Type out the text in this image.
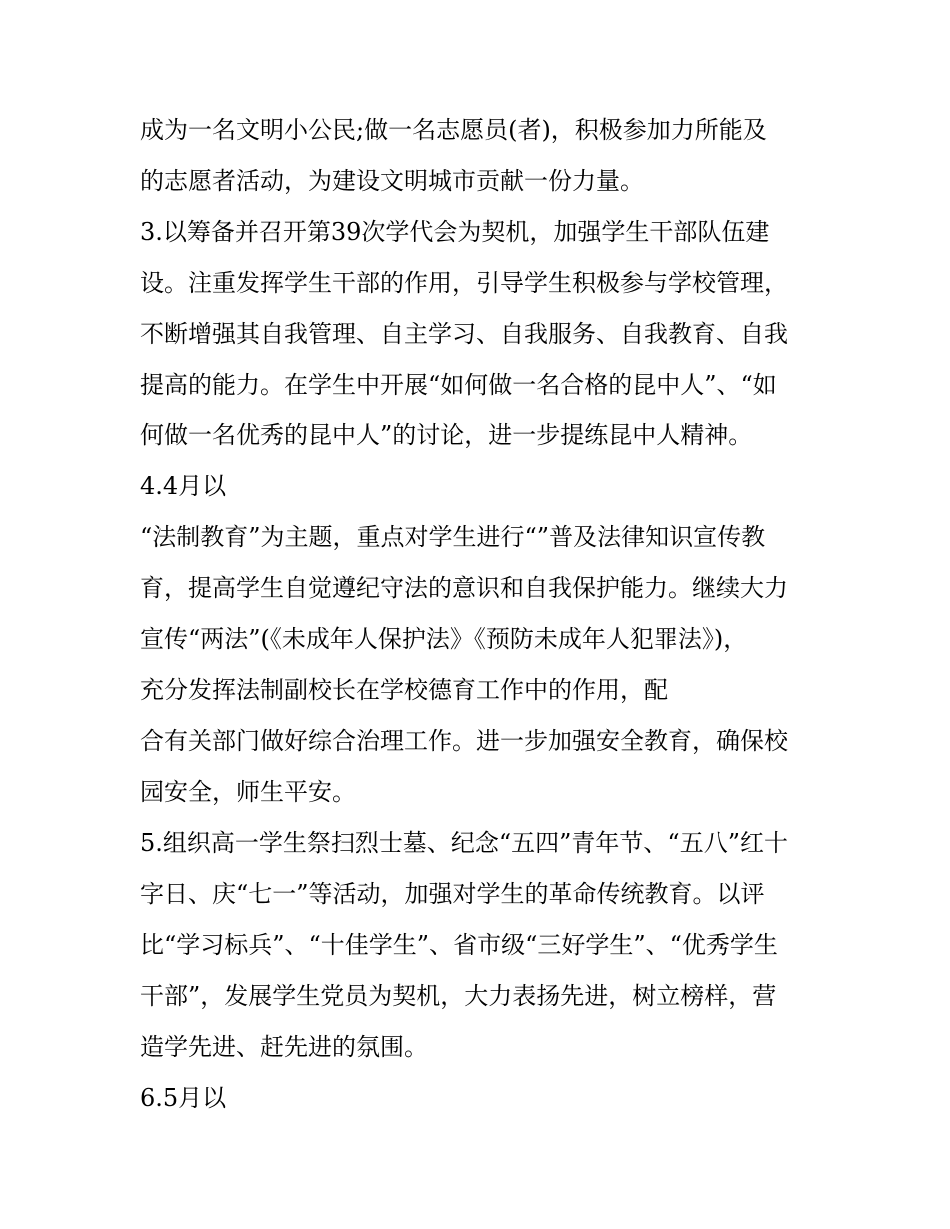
成为一名文明小公民;做一名志愿员(者)，积极参加力所能及

的志愿者活动，为建设文明城市贡献一份力量。

3.以筹备并召开第39次学代会为契机，加强学生干部队伍建

设。注重发挥学生干部的作用，引导学生积极参与学校管理，

不断增强其自我管理、自主学习、自我服务、自我教育、自我

提高的能力。在学生中开展“如何做一名合格的昆中人”、“如

何做一名优秀的昆中人”的讨论，进一步提练昆中人精神。

4.4月以

“法制教育”为主题，重点对学生进行“”普及法律知识宣传教

育，提高学生自觉遵纪守法的意识和自我保护能力。继续大力

宣传“两法”(《未成年人保护法》《预防未成年人犯罪法》)，

充分发挥法制副校长在学校德育工作中的作用，配

合有关部门做好综合治理工作。进一步加强安全教育，确保校

园安全，师生平安。

5.组织高一学生祭扫烈士墓、纪念“五四”青年节、“五八”红十

字日、庆“七一”等活动，加强对学生的革命传统教育。以评

比“学习标兵”、“十佳学生”、省市级“三好学生”、“优秀学生

干部”，发展学生党员为契机，大力表扬先进，树立榜样，营

造学先进、赶先进的氛围。

6.5月以
